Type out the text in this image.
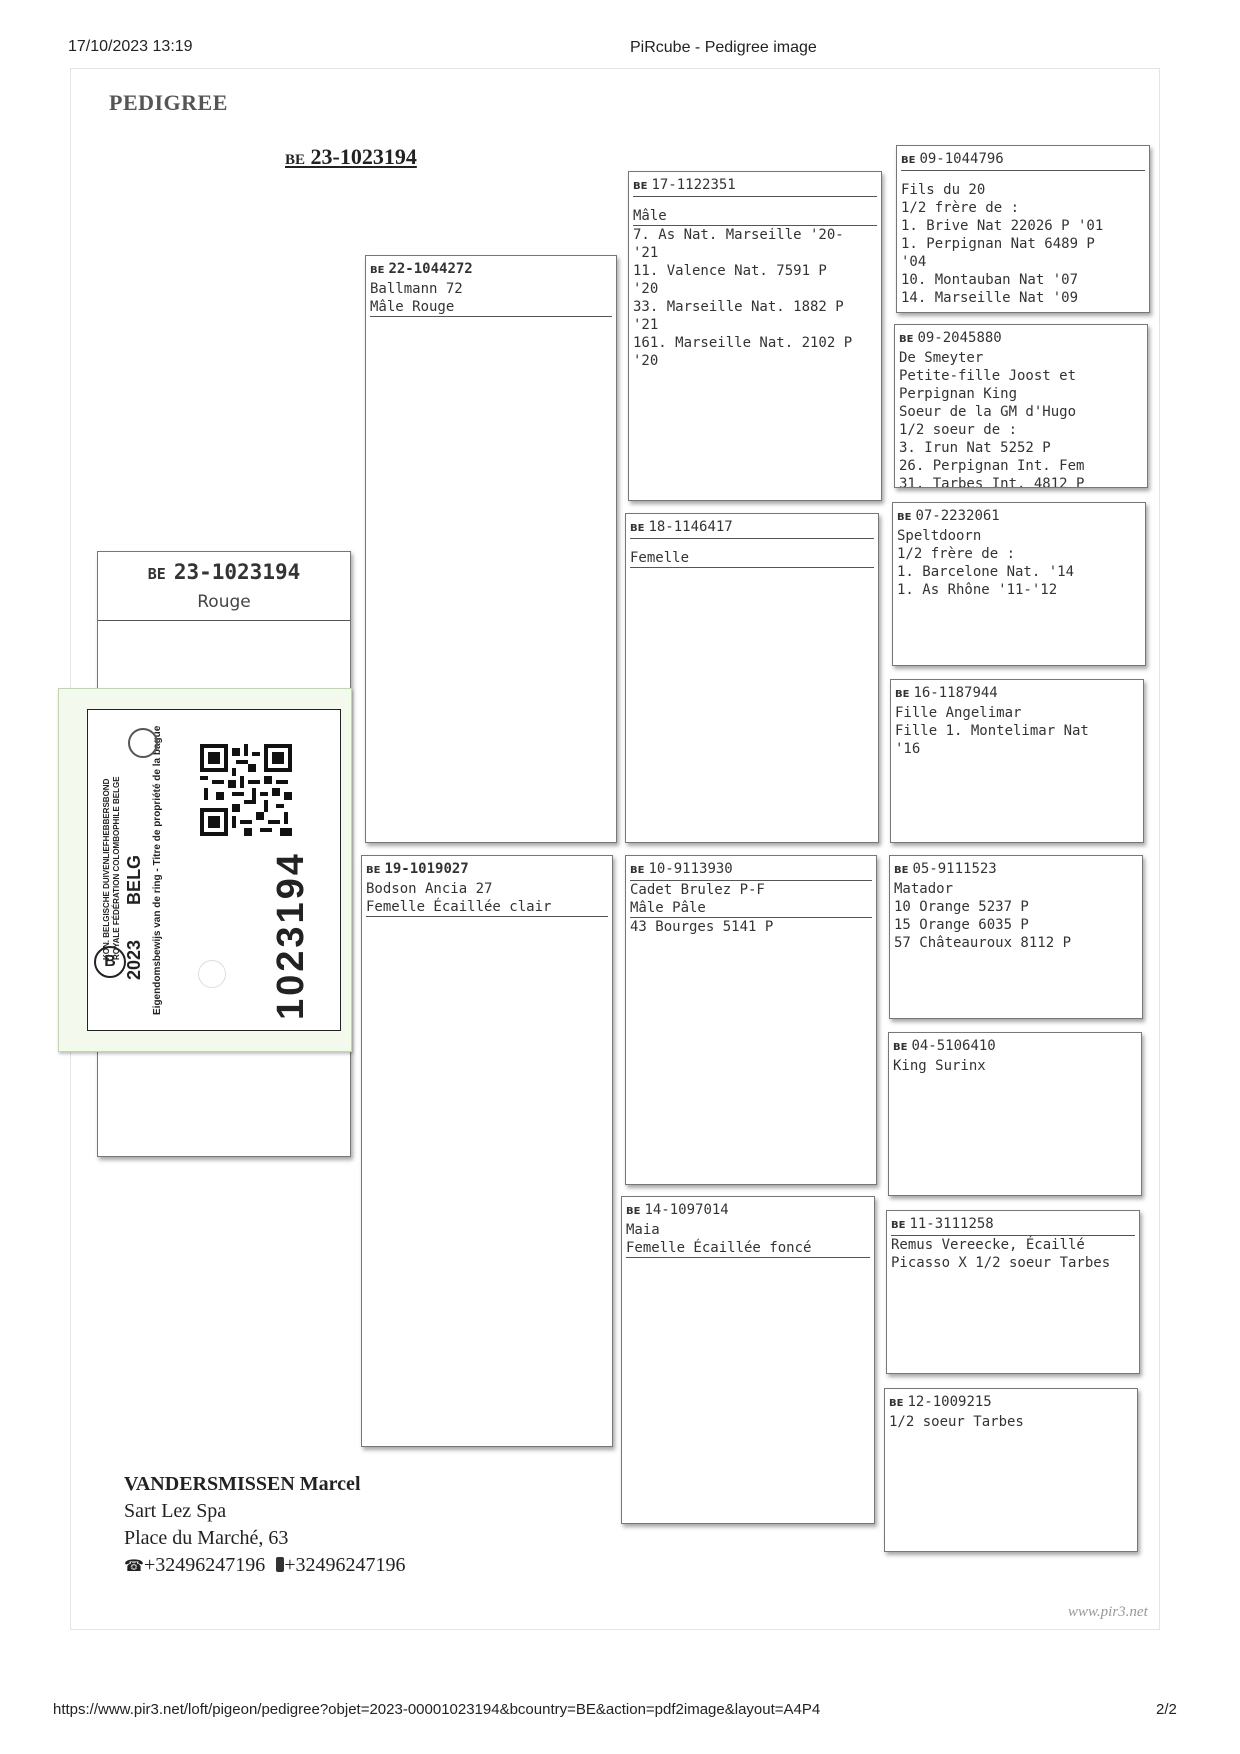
17/10/2023 13:19	PiRcube - Pedigree image
PEDIGREE
BE 23-1023194
BE 23-1023194
Rouge
KON. BELGISCHE DUIVENLIEFHEBBERSBOND ROYALE FÉDÉRATION COLOMBOPHILE BELGE 2023 BELG Eigendomsbewijs van de ring - Titre de propriété de la bague
B	1023194
BE 22-1044272
Ballmann 72
Mâle Rouge
BE 19-1019027
Bodson Ancia 27
Femelle Écaillée clair
BE 17-1122351
Mâle
7. As Nat. Marseille '20-
'21
11. Valence Nat. 7591 P
'20
33. Marseille Nat. 1882 P
'21
161. Marseille Nat. 2102 P
'20
BE 18-1146417
Femelle
BE 10-9113930
Cadet Brulez P-F
Mâle Pâle
43 Bourges 5141 P
BE 14-1097014
Maia
Femelle Écaillée foncé
BE 09-1044796
Fils du 20
1/2 frère de :
1. Brive Nat 22026 P '01
1. Perpignan Nat 6489 P
'04
10. Montauban Nat '07
14. Marseille Nat '09
BE 09-2045880
De Smeyter
Petite-fille Joost et
Perpignan King
Soeur de la GM d'Hugo
1/2 soeur de :
3. Irun Nat 5252 P
26. Perpignan Int. Fem
31. Tarbes Int. 4812 P
BE 07-2232061
Speltdoorn
1/2 frère de :
1. Barcelone Nat. '14
1. As Rhône '11-'12
BE 16-1187944
Fille Angelimar
Fille 1. Montelimar Nat
'16
BE 05-9111523
Matador
10 Orange 5237 P
15 Orange 6035 P
57 Châteauroux 8112 P
BE 04-5106410
King Surinx
BE 11-3111258
Remus Vereecke, Écaillé
Picasso X 1/2 soeur Tarbes
BE 12-1009215
1/2 soeur Tarbes
VANDERSMISSEN Marcel
Sart Lez Spa
Place du Marché, 63
☎+32496247196 +32496247196
www.pir3.net
https://www.pir3.net/loft/pigeon/pedigree?objet=2023-00001023194&bcountry=BE&action=pdf2image&layout=A4P4	2/2
